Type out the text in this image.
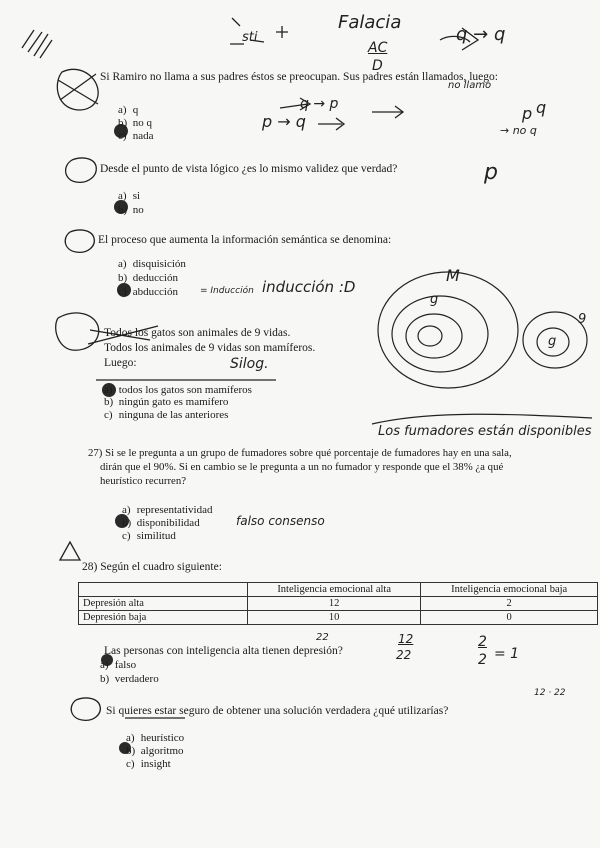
Si Ramiro no llama a sus padres éstos se preocupan. Sus padres están llamados, luego:
a) q
b) no q
c) nada
Desde el punto de vista lógico ¿es lo mismo validez que verdad?
a) si
b) no
El proceso que aumenta la información semántica se denomina:
a) disquisición
b) deducción
c) abducción
Todos los gatos son animales de 9 vidas.
Todos los animales de 9 vidas son mamíferos.
Luego:
a) todos los gatos son mamíferos
b) ningún gato es mamífero
c) ninguna de las anteriores
27) Si se le pregunta a un grupo de fumadores sobre qué porcentaje de fumadores hay en una sala,
dirán que el 90%. Si en cambio se le pregunta a un no fumador y responde que el 38% ¿a qué
heurístico recurren?
a) representatividad
b) disponibilidad
c) similitud
28) Según el cuadro siguiente:
	Inteligencia emocional alta	Inteligencia emocional baja
Depresión alta	12	2
Depresión baja	10	0
Las personas con inteligencia alta tienen depresión?
a) falso
b) verdadero
Si quieres estar seguro de obtener una solución verdadera ¿qué utilizarías?
a) heurístico
b) algoritmo
c) insight
sti
Falacia
AC
D
q → q
p → q
q → p
no llamo
p q
→ no q
p
= Inducción inducción :D
M
g
9
g
Silog.
Los fumadores están disponibles
falso consenso
22	12
22
2
2 = 1
12 · 22
